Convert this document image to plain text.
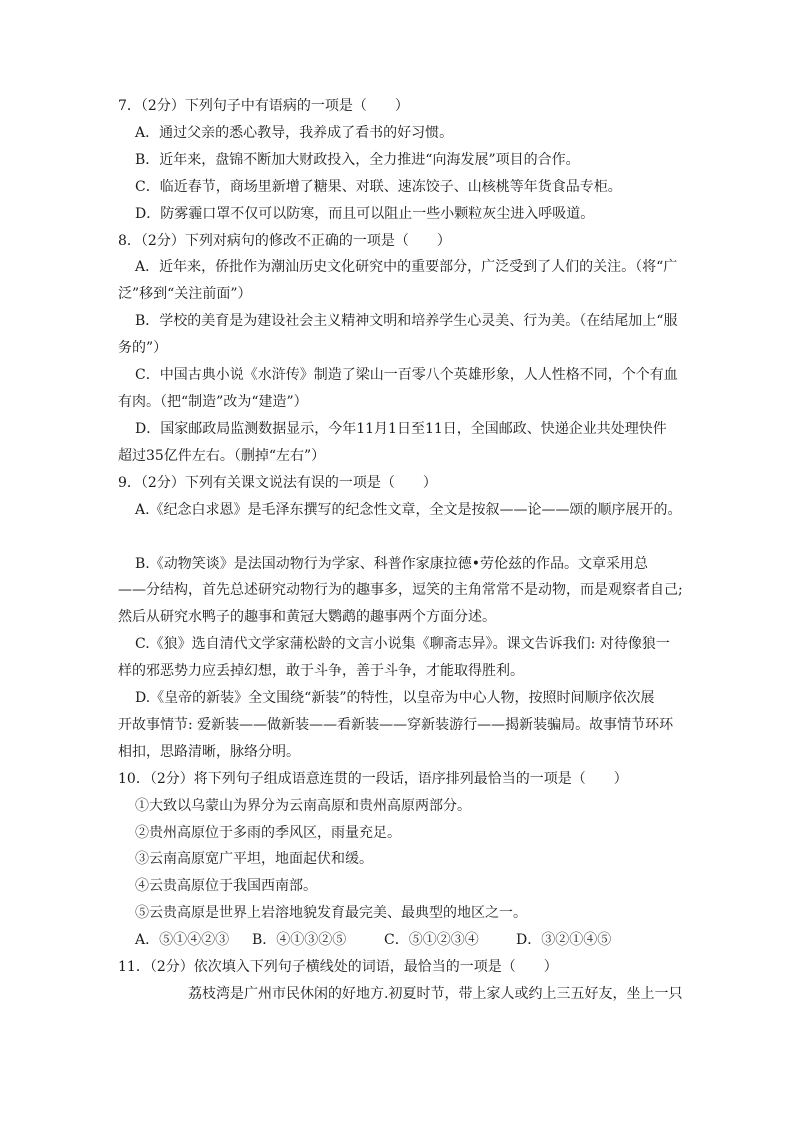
7．（2分）下列句子中有语病的一项是（　　）
A．通过父亲的悉心教导，我养成了看书的好习惯。
B．近年来，盘锦不断加大财政投入，全力推进“向海发展”项目的合作。
C．临近春节，商场里新增了糖果、对联、速冻饺子、山核桃等年货食品专柜。
D．防雾霾口罩不仅可以防寒，而且可以阻止一些小颗粒灰尘进入呼吸道。
8．（2分）下列对病句的修改不正确的一项是（　　）
A．近年来，侨批作为潮汕历史文化研究中的重要部分，广泛受到了人们的关注。（将“广
泛”移到“关注前面”）
B．学校的美育是为建设社会主义精神文明和培养学生心灵美、行为美。（在结尾加上“服
务的”）
C．中国古典小说《水浒传》制造了梁山一百零八个英雄形象，人人性格不同，个个有血
有肉。（把“制造”改为“建造”）
D．国家邮政局监测数据显示，今年11月1日至11日，全国邮政、快递企业共处理快件
超过35亿件左右。（删掉“左右”）
9．（2分）下列有关课文说法有误的一项是（　　）
A.《纪念白求恩》是毛泽东撰写的纪念性文章，全文是按叙——论——颂的顺序展开的。
B.《动物笑谈》是法国动物行为学家、科普作家康拉德•劳伦兹的作品。文章采用总
——分结构，首先总述研究动物行为的趣事多，逗笑的主角常常不是动物，而是观察者自己;
然后从研究水鸭子的趣事和黄冠大鹦鹉的趣事两个方面分述。
C.《狼》选自清代文学家蒲松龄的文言小说集《聊斋志异》。课文告诉我们: 对待像狼一
样的邪恶势力应丢掉幻想，敢于斗争，善于斗争，才能取得胜利。
D.《皇帝的新装》全文围绕“新装”的特性，以皇帝为中心人物，按照时间顺序依次展
开故事情节: 爱新装——做新装——看新装——穿新装游行——揭新装骗局。故事情节环环
相扣，思路清晰，脉络分明。
10．（2分）将下列句子组成语意连贯的一段话，语序排列最恰当的一项是（　　）
①大致以乌蒙山为界分为云南高原和贵州高原两部分。
②贵州高原位于多雨的季风区，雨量充足。
③云南高原宽广平坦，地面起伏和缓。
④云贵高原位于我国西南部。
⑤云贵高原是世界上岩溶地貌发育最完美、最典型的地区之一。
A．⑤①④②③ B．④①③②⑤	C．⑤①②③④	D．③②①④⑤
11．（2分）依次填入下列句子横线处的词语，最恰当的一项是（　　）
荔枝湾是广州市民休闲的好地方.初夏时节，带上家人或约上三五好友，坐上一只
